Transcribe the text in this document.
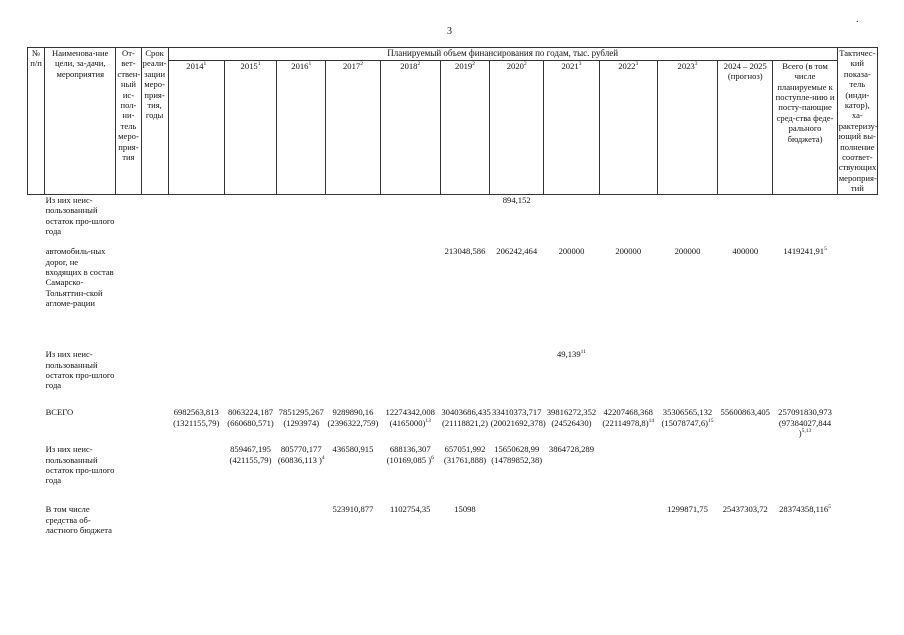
3
.
№ п/п	Наименова-ние цели, за-дачи, мероприятия	От-вет-ствен-ный ис-пол-ни-тель меро-прия-тия	Срок реали-зации меро-прия-тия, годы	Планируемый объем финансирования по годам, тыс. рублей												Тактичес-кий показа-тель (инди-катор), ха-рактеризу-ющий вы-полнение соответ-ствующих мероприя-тий
				2014$^1$	2015$^1$	2016$^1$	2017$^2$	2018$^2$	2019$^2$	2020$^2$	2021$^3$	2022$^3$	2023$^3$	2024 – 2025 (прогноз)	Всего (в том числе планируемые к поступле-нию и посту-пающие сред-ства феде-рального бюджета)	
	Из них неис-пользованный остаток про-шлого года									894,152						
	автомобиль-ных дорог, не входящих в состав Самарско-Тольяттин-ской агломе-рации								213048,586	206242,464	200000	200000	200000	400000	1419241,91$^5$	
	Из них неис-пользованный остаток про-шлого года										49,139$^{11}$					
	ВСЕГО			6982563,813 (1321155,79)	8063224,187 (660680,571)	7851295,267 (1293974)	9289890,16 (2396322,759)	12274342,008 $(4165000)^{13}$	30403686,435 (21118821,2)	33410373,717 (20021692,378)	39816272,352 (24526430)	42207468,368 $(22114978,8)^{14}$	35306565,132 $(15078747,6)^{15}$	55600863,405	257091830,973 (97384027,844 )$^{5,13}$	
	Из них неис-пользованный остаток про-шлого года				859467,195 (421155,79)	805770,177 (60836,113 )$^4$	436580,915	688136,307 (10169,085 )$^6$	657051,992 (31761,888)	15650628,99 (14789852,38)	3864728,289					
	В том числе средства об-ластного бюджета						523910,877	1102754,35	15098				1299871,75	25437303,72	28374358,116$^5$	
